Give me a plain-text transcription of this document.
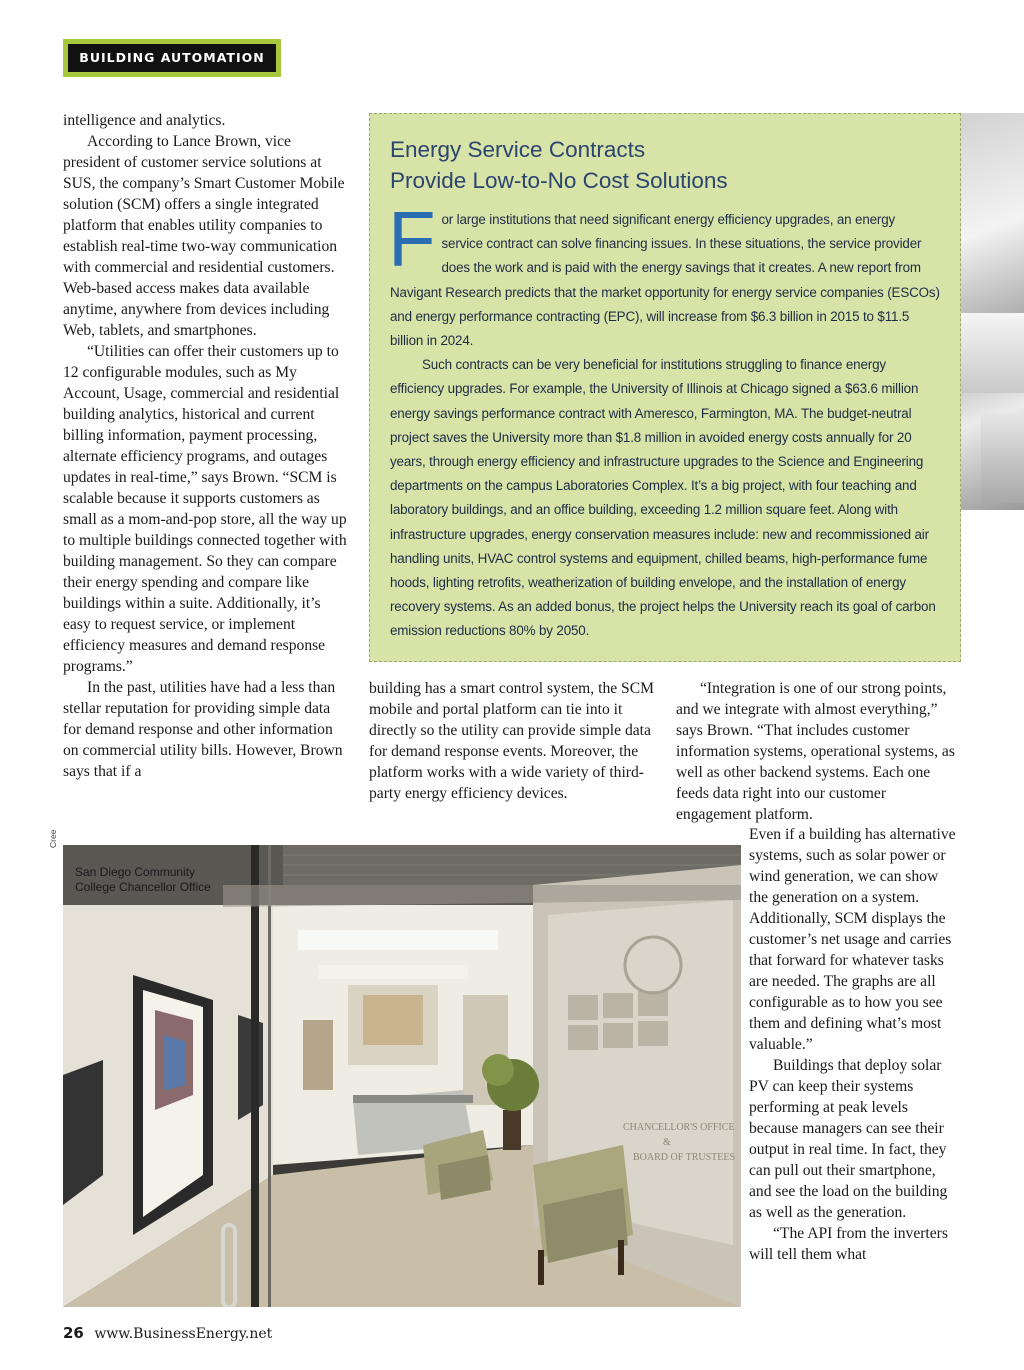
BUILDING AUTOMATION

intelligence and analytics.

According to Lance Brown, vice president of customer service solutions at SUS, the company’s Smart Customer Mobile solution (SCM) offers a single integrated platform that enables utility companies to establish real-time two-way communication with commercial and residential customers. Web-based access makes data available anytime, anywhere from devices including Web, tablets, and smartphones.

“Utilities can offer their customers up to 12 configurable modules, such as My Account, Usage, commercial and residential building analytics, historical and current billing information, payment processing, alternate efficiency programs, and outages updates in real-time,” says Brown. “SCM is scalable because it supports customers as small as a mom-and-pop store, all the way up to multiple buildings connected together with building management. So they can compare their energy spending and compare like buildings within a suite. Additionally, it’s easy to request service, or implement efficiency measures and demand response programs.”

In the past, utilities have had a less than stellar reputation for providing simple data for demand response and other information on commercial utility bills. However, Brown says that if a

Energy Service Contracts
Provide Low-to-No Cost Solutions

For large institutions that need significant energy efficiency upgrades, an energy service contract can solve financing issues. In these situations, the service provider does the work and is paid with the energy savings that it creates. A new report from Navigant Research predicts that the market opportunity for energy service companies (ESCOs) and energy performance contracting (EPC), will increase from $6.3 billion in 2015 to $11.5 billion in 2024.

Such contracts can be very beneficial for institutions struggling to finance energy efficiency upgrades. For example, the University of Illinois at Chicago signed a $63.6 million energy savings performance contract with Ameresco, Farmington, MA. The budget-neutral project saves the University more than $1.8 million in avoided energy costs annually for 20 years, through energy efficiency and infrastructure upgrades to the Science and Engineering departments on the campus Laboratories Complex. It’s a big project, with four teaching and laboratory buildings, and an office building, exceeding 1.2 million square feet. Along with infrastructure upgrades, energy conservation measures include: new and recommissioned air handling units, HVAC control systems and equipment, chilled beams, high-performance fume hoods, lighting retrofits, weatherization of building envelope, and the installation of energy recovery systems. As an added bonus, the project helps the University reach its goal of carbon emission reductions 80% by 2050.

building has a smart control system, the SCM mobile and portal platform can tie into it directly so the utility can provide simple data for demand response events. Moreover, the platform works with a wide variety of third-party energy efficiency devices.

“Integration is one of our strong points, and we integrate with almost everything,” says Brown. “That includes customer information systems, operational systems, as well as other backend systems. Each one feeds data right into our customer engagement platform.

Even if a building has alternative systems, such as solar power or wind generation, we can show the generation on a system. Additionally, SCM displays the customer’s net usage and carries that forward for whatever tasks are needed. The graphs are all configurable as to how you see them and defining what’s most valuable.”

Buildings that deploy solar PV can keep their systems performing at peak levels because managers can see their output in real time. In fact, they can pull out their smartphone, and see the load on the building as well as the generation.

“The API from the inverters will tell them what

Cree
CHANCELLOR'S OFFICE
&
BOARD OF TRUSTEES
San Diego Community
College Chancellor Office
26 www.BusinessEnergy.net
